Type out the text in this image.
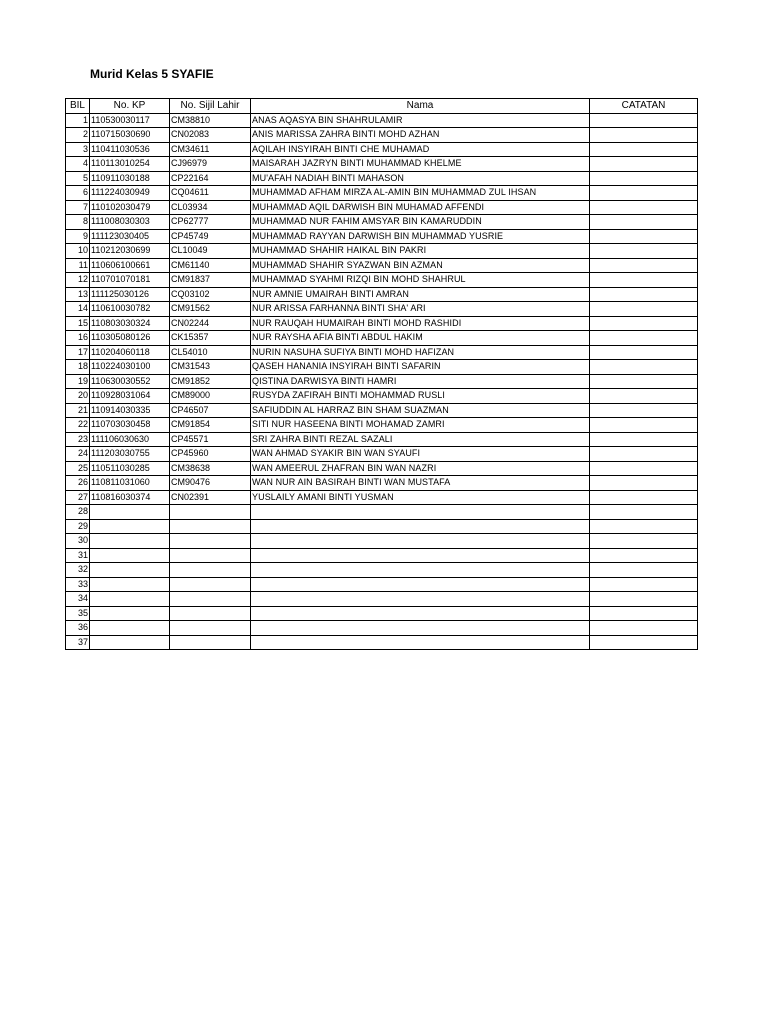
Murid Kelas 5 SYAFIE
BIL	No. KP	No. Sijil Lahir	Nama	CATATAN
1	110530030117	CM38810	ANAS AQASYA BIN SHAHRULAMIR	
2	110715030690	CN02083	ANIS MARISSA ZAHRA BINTI MOHD AZHAN	
3	110411030536	CM34611	AQILAH INSYIRAH BINTI CHE MUHAMAD	
4	110113010254	CJ96979	MAISARAH JAZRYN BINTI MUHAMMAD KHELME	
5	110911030188	CP22164	MU'AFAH NADIAH BINTI MAHASON	
6	111224030949	CQ04611	MUHAMMAD AFHAM MIRZA AL-AMIN BIN MUHAMMAD ZUL IHSAN	
7	110102030479	CL03934	MUHAMMAD AQIL DARWISH BIN MUHAMAD AFFENDI	
8	111008030303	CP62777	MUHAMMAD NUR FAHIM AMSYAR BIN KAMARUDDIN	
9	111123030405	CP45749	MUHAMMAD RAYYAN DARWISH BIN MUHAMMAD YUSRIE	
10	110212030699	CL10049	MUHAMMAD SHAHIR HAIKAL BIN PAKRI	
11	110606100661	CM61140	MUHAMMAD SHAHIR SYAZWAN BIN AZMAN	
12	110701070181	CM91837	MUHAMMAD SYAHMI RIZQI BIN MOHD SHAHRUL	
13	111125030126	CQ03102	NUR AMNIE UMAIRAH BINTI AMRAN	
14	110610030782	CM91562	NUR ARISSA FARHANNA BINTI SHA' ARI	
15	110803030324	CN02244	NUR RAUQAH HUMAIRAH BINTI MOHD RASHIDI	
16	110305080126	CK15357	NUR RAYSHA AFIA BINTI ABDUL HAKIM	
17	110204060118	CL54010	NURIN NASUHA SUFIYA BINTI MOHD HAFIZAN	
18	110224030100	CM31543	QASEH HANANIA INSYIRAH BINTI SAFARIN	
19	110630030552	CM91852	QISTINA DARWISYA BINTI HAMRI	
20	110928031064	CM89000	RUSYDA ZAFIRAH BINTI MOHAMMAD RUSLI	
21	110914030335	CP46507	SAFIUDDIN AL HARRAZ BIN SHAM SUAZMAN	
22	110703030458	CM91854	SITI NUR HASEENA BINTI MOHAMAD ZAMRI	
23	111106030630	CP45571	SRI ZAHRA BINTI REZAL SAZALI	
24	111203030755	CP45960	WAN AHMAD SYAKIR BIN WAN SYAUFI	
25	110511030285	CM38638	WAN AMEERUL ZHAFRAN BIN WAN NAZRI	
26	110811031060	CM90476	WAN NUR AIN BASIRAH BINTI WAN MUSTAFA	
27	110816030374	CN02391	YUSLAILY AMANI BINTI YUSMAN	
28				
29				
30				
31				
32				
33				
34				
35				
36				
37				
